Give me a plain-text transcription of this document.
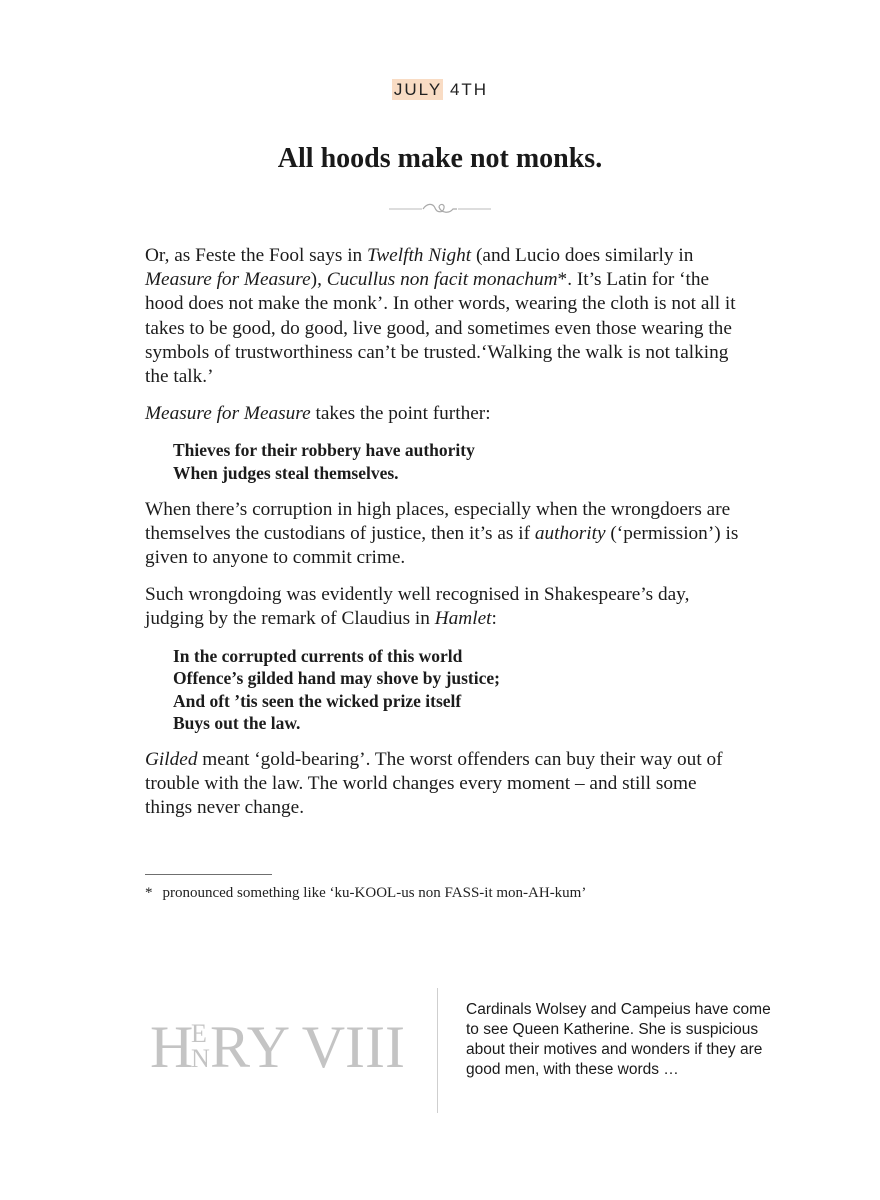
JULY 4TH
All hoods make not monks.

Or, as Feste the Fool says in Twelfth Night (and Lucio does similarly in Measure for Measure), Cucullus non facit monachum*. It’s Latin for ‘the hood does not make the monk’. In other words, wearing the cloth is not all it takes to be good, do good, live good, and sometimes even those wearing the symbols of trustworthiness can’t be trusted.‘Walking the walk is not talking the talk.’

Measure for Measure takes the point further:

Thieves for their robbery have authority
When judges steal themselves.

When there’s corruption in high places, especially when the wrongdoers are themselves the custodians of justice, then it’s as if authority (‘permission’) is given to anyone to commit crime.

Such wrongdoing was evidently well recognised in Shakespeare’s day, judging by the remark of Claudius in Hamlet:

In the corrupted currents of this world
Offence’s gilded hand may shove by justice;
And oft ’tis seen the wicked prize itself
Buys out the law.

Gilded meant ‘gold-bearing’. The worst offenders can buy their way out of trouble with the law. The world changes every moment – and still some things never change.

* pronounced something like ‘ku-KOOL-us non FASS-it mon-AH-kum’
H
E
N RY VIII
Cardinals Wolsey and Campeius have come to see Queen Katherine. She is suspicious about their motives and wonders if they are good men, with these words …
